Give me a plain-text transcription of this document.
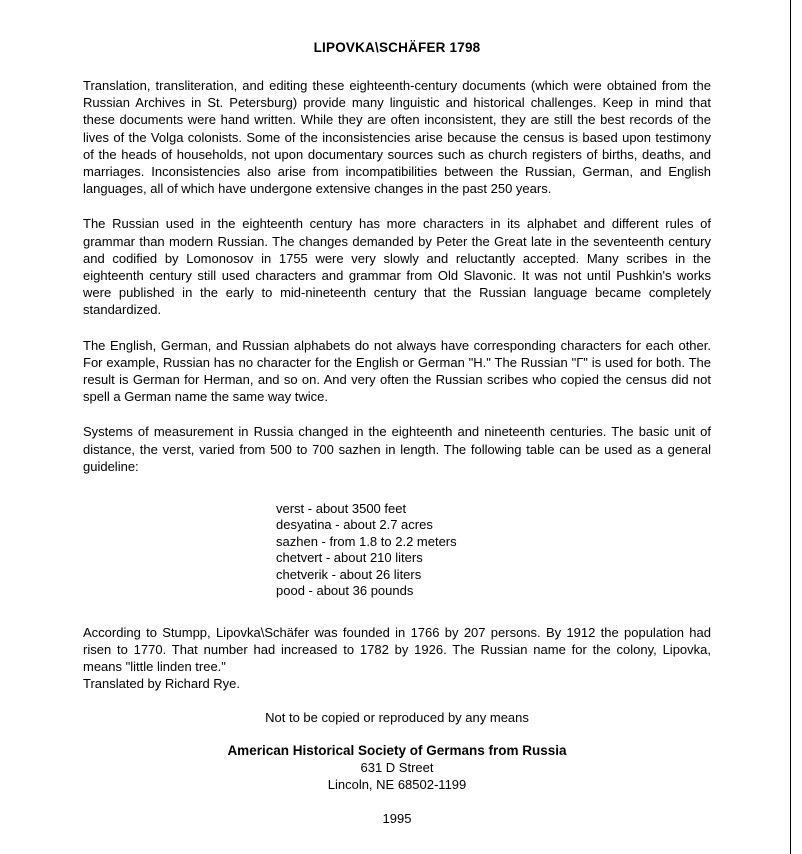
LIPOVKA\SCHÄFER 1798

Translation, transliteration, and editing these eighteenth-century documents (which were obtained from the Russian Archives in St. Petersburg) provide many linguistic and historical challenges. Keep in mind that these documents were hand written. While they are often inconsistent, they are still the best records of the lives of the Volga colonists. Some of the inconsistencies arise because the census is based upon testimony of the heads of households, not upon documentary sources such as church registers of births, deaths, and marriages. Inconsistencies also arise from incompatibilities between the Russian, German, and English languages, all of which have undergone extensive changes in the past 250 years.

The Russian used in the eighteenth century has more characters in its alphabet and different rules of grammar than modern Russian. The changes demanded by Peter the Great late in the seventeenth century and codified by Lomonosov in 1755 were very slowly and reluctantly accepted. Many scribes in the eighteenth century still used characters and grammar from Old Slavonic. It was not until Pushkin's works were published in the early to mid-nineteenth century that the Russian language became completely standardized.

The English, German, and Russian alphabets do not always have corresponding characters for each other. For example, Russian has no character for the English or German "H." The Russian "Г" is used for both. The result is German for Herman, and so on. And very often the Russian scribes who copied the census did not spell a German name the same way twice.

Systems of measurement in Russia changed in the eighteenth and nineteenth centuries. The basic unit of distance, the verst, varied from 500 to 700 sazhen in length. The following table can be used as a general guideline:

verst - about 3500 feet
desyatina - about 2.7 acres
sazhen - from 1.8 to 2.2 meters
chetvert - about 210 liters
chetverik - about 26 liters
pood - about 36 pounds

According to Stumpp, Lipovka\Schäfer was founded in 1766 by 207 persons. By 1912 the population had risen to 1770. That number had increased to 1782 by 1926. The Russian name for the colony, Lipovka, means "little linden tree."

Translated by Richard Rye.
Not to be copied or reproduced by any means
American Historical Society of Germans from Russia
631 D Street
Lincoln, NE 68502-1199
1995
